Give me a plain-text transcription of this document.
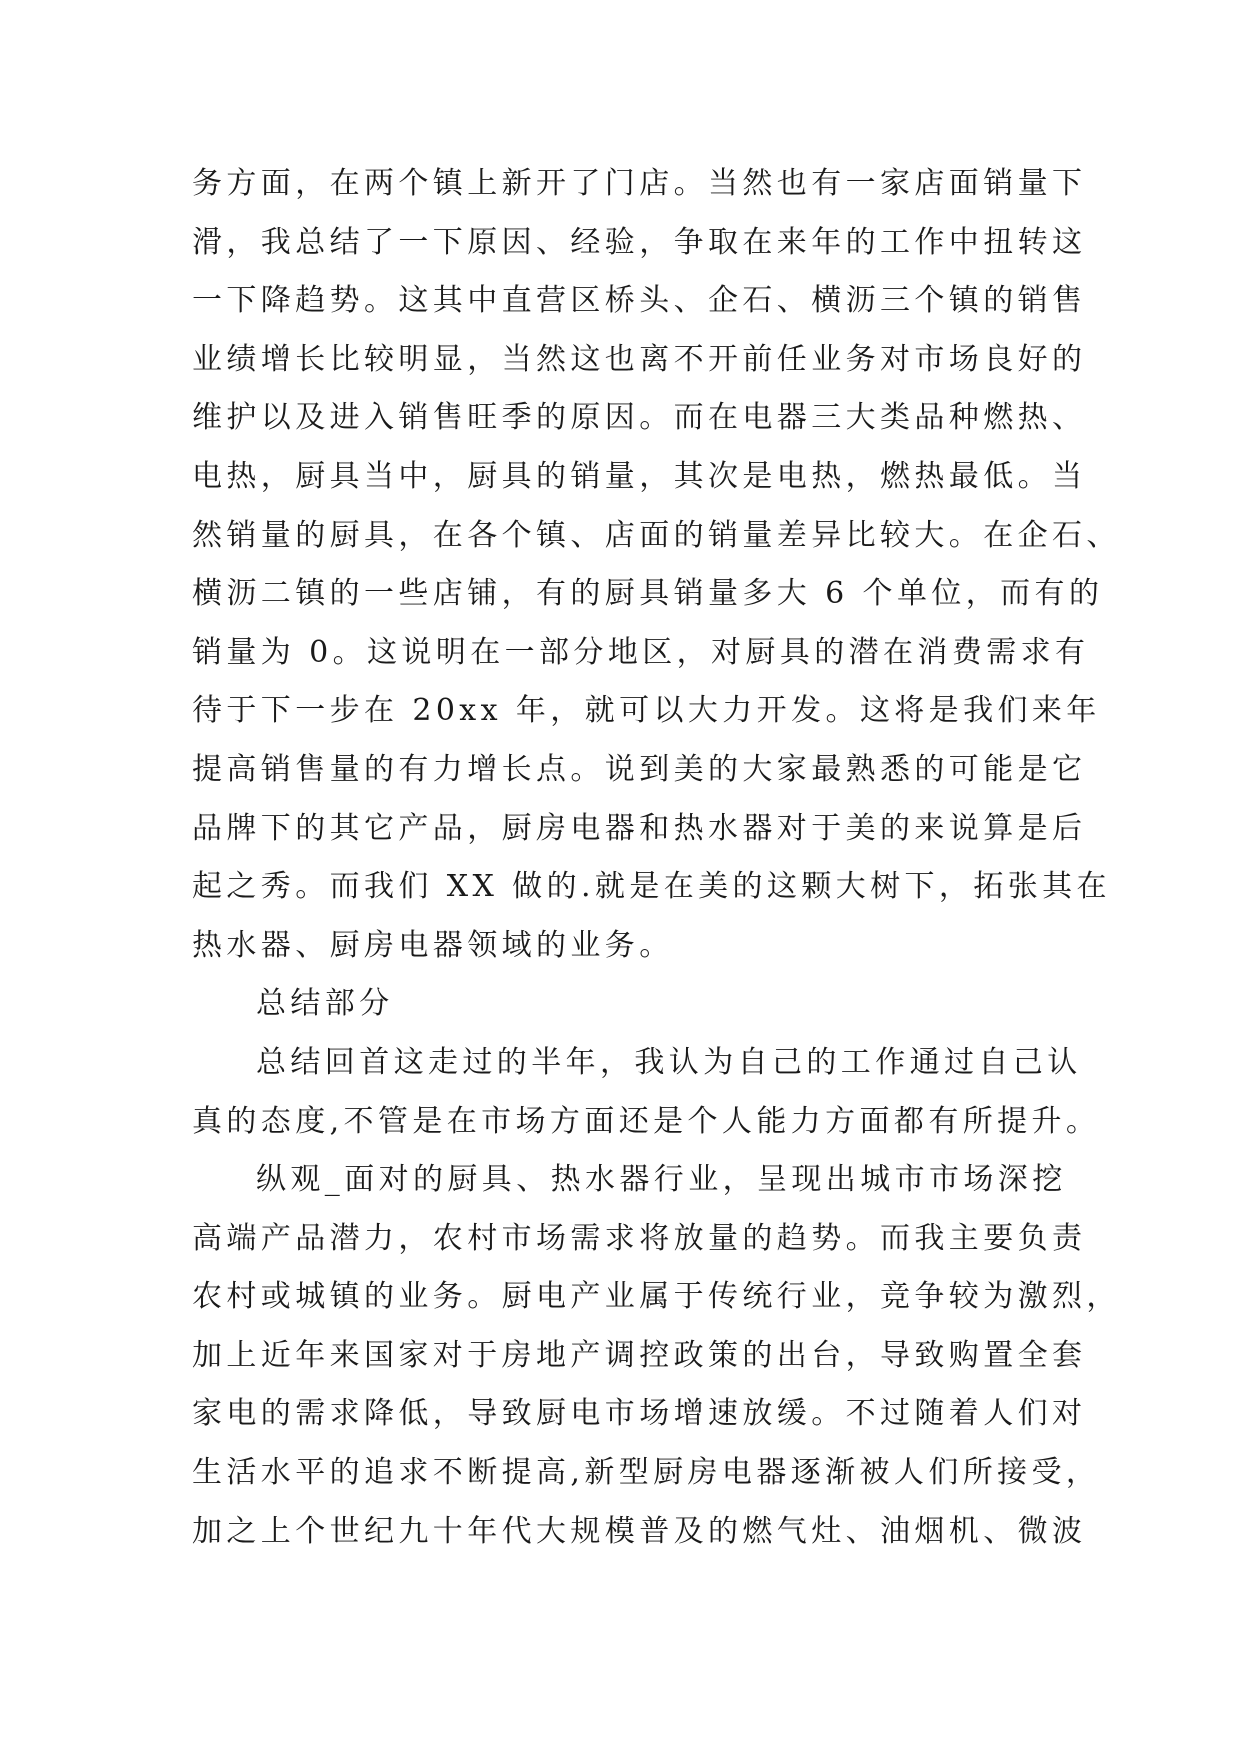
务方面，在两个镇上新开了门店。当然也有一家店面销量下
滑，我总结了一下原因、经验，争取在来年的工作中扭转这
一下降趋势。这其中直营区桥头、企石、横沥三个镇的销售
业绩增长比较明显，当然这也离不开前任业务对市场良好的
维护以及进入销售旺季的原因。而在电器三大类品种燃热、
电热，厨具当中，厨具的销量，其次是电热，燃热最低。当
然销量的厨具，在各个镇、店面的销量差异比较大。在企石、
横沥二镇的一些店铺，有的厨具销量多大 6 个单位，而有的
销量为 0。这说明在一部分地区，对厨具的潜在消费需求有
待于下一步在 20xx 年，就可以大力开发。这将是我们来年
提高销售量的有力增长点。说到美的大家最熟悉的可能是它
品牌下的其它产品，厨房电器和热水器对于美的来说算是后
起之秀。而我们 XX 做的.就是在美的这颗大树下，拓张其在
热水器、厨房电器领域的业务。
总结部分
总结回首这走过的半年，我认为自己的工作通过自己认
真的态度,不管是在市场方面还是个人能力方面都有所提升。
纵观_面对的厨具、热水器行业，呈现出城市市场深挖
高端产品潜力，农村市场需求将放量的趋势。而我主要负责
农村或城镇的业务。厨电产业属于传统行业，竞争较为激烈，
加上近年来国家对于房地产调控政策的出台，导致购置全套
家电的需求降低，导致厨电市场增速放缓。不过随着人们对
生活水平的追求不断提高,新型厨房电器逐渐被人们所接受，
加之上个世纪九十年代大规模普及的燃气灶、油烟机、微波
